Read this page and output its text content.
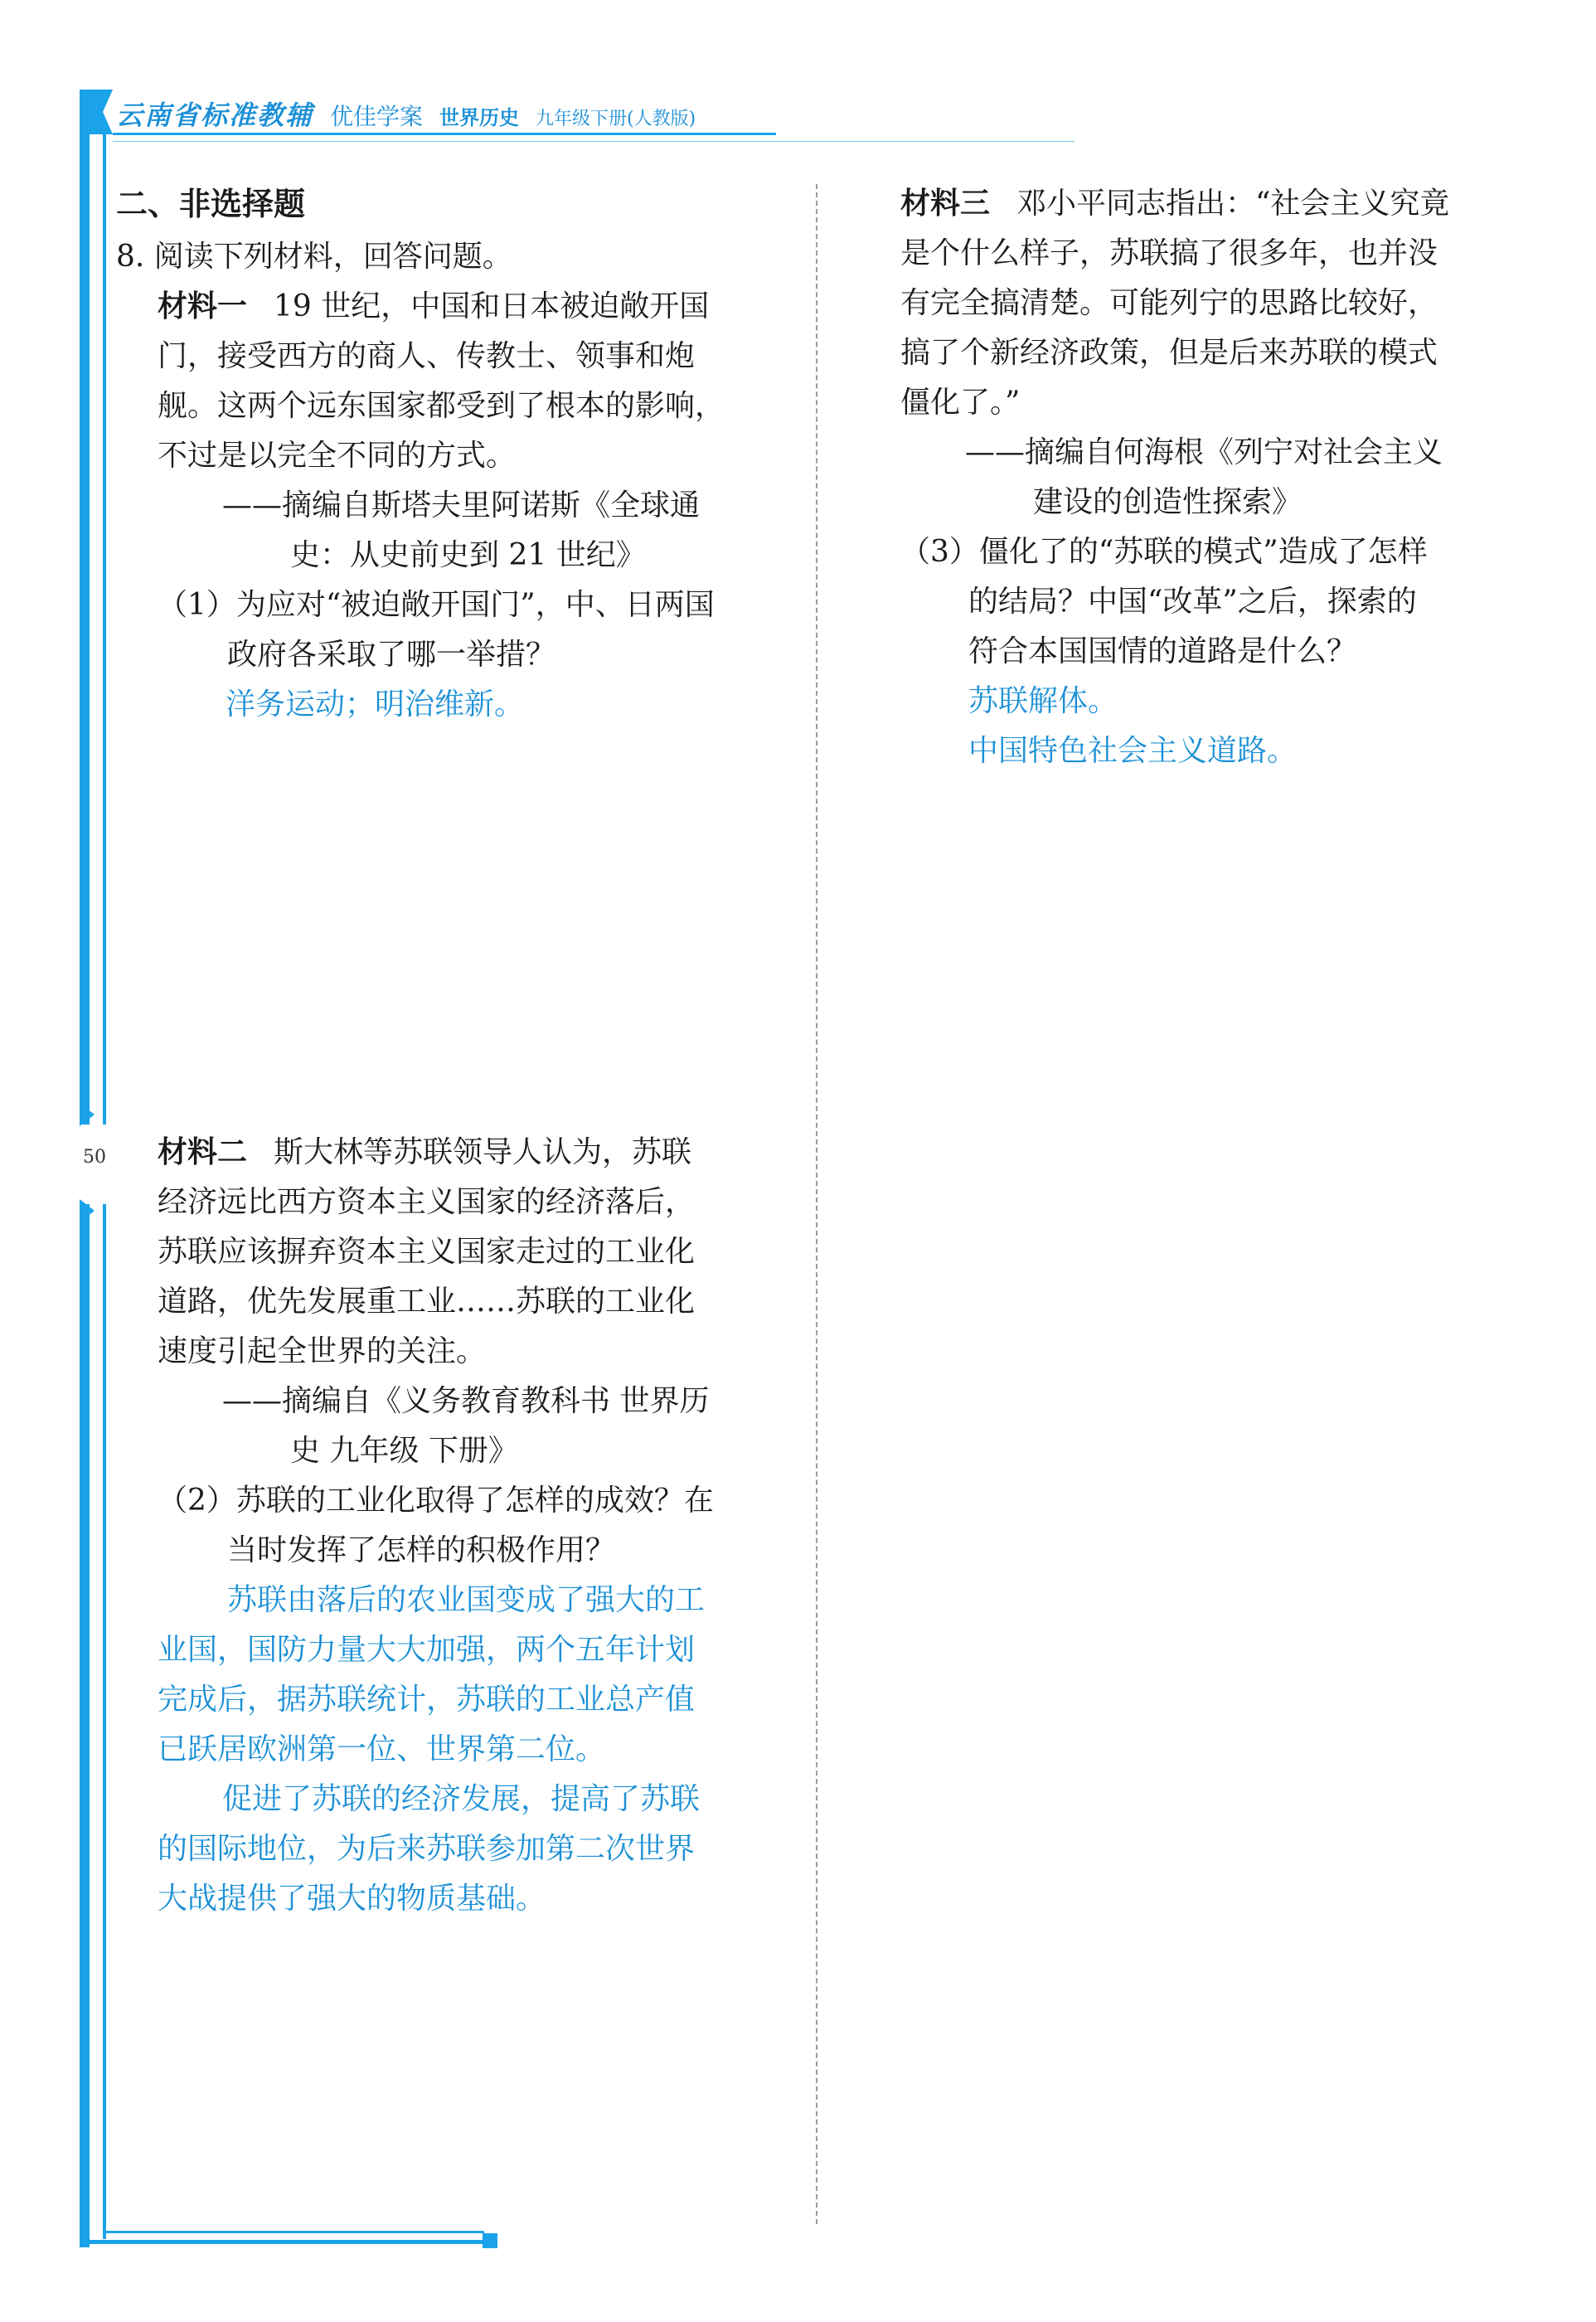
50
云南省标准教辅 优佳学案 世界历史 九年级下册(人教版)
二、非选择题
8. 阅读下列材料，回答问题。
材料一 19 世纪，中国和日本被迫敞开国
门，接受西方的商人、传教士、领事和炮
舰。这两个远东国家都受到了根本的影响，
不过是以完全不同的方式。
——摘编自斯塔夫里阿诺斯《全球通
史：从史前史到 21 世纪》
（1）为应对“被迫敞开国门”，中、日两国
政府各采取了哪一举措？
洋务运动；明治维新。
材料二 斯大林等苏联领导人认为，苏联
经济远比西方资本主义国家的经济落后，
苏联应该摒弃资本主义国家走过的工业化
道路，优先发展重工业……苏联的工业化
速度引起全世界的关注。
——摘编自《义务教育教科书 世界历
史 九年级 下册》
（2）苏联的工业化取得了怎样的成效？在
当时发挥了怎样的积极作用？
苏联由落后的农业国变成了强大的工
业国，国防力量大大加强，两个五年计划
完成后，据苏联统计，苏联的工业总产值
已跃居欧洲第一位、世界第二位。
促进了苏联的经济发展，提高了苏联
的国际地位，为后来苏联参加第二次世界
大战提供了强大的物质基础。
材料三 邓小平同志指出：“社会主义究竟
是个什么样子，苏联搞了很多年，也并没
有完全搞清楚。可能列宁的思路比较好，
搞了个新经济政策，但是后来苏联的模式
僵化了。”
——摘编自何海根《列宁对社会主义
建设的创造性探索》
（3）僵化了的“苏联的模式”造成了怎样
的结局？中国“改革”之后，探索的
符合本国国情的道路是什么？
苏联解体。
中国特色社会主义道路。
